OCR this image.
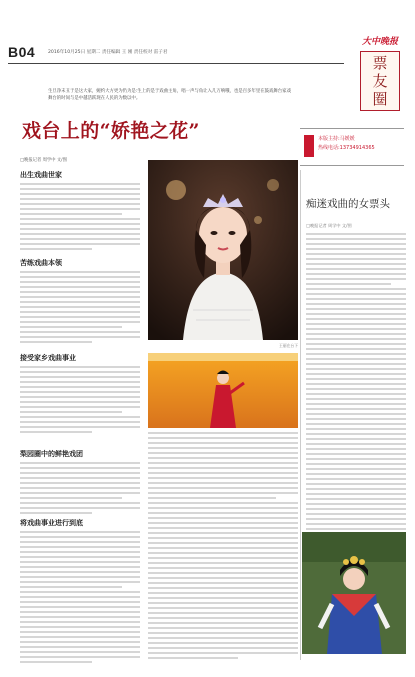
B04	2016年10月25日 星期二 责任编辑 王 刚 责任校对 雷子君
大中晚报
票
友
圈
生旦净末丑于是这大家，婉约大方更为仍为是:生上的是于戏曲主角，唱一声与角让入几万响哦，也是百多年里在鼓戏舞台家戏舞台的时间与是中越活跃现在人民的为数以中。
戏台上的“娇艳之花”	本版主持:马媛媛
热线电话:13734914365
□晚报记者 周学中 文/图
出生戏曲世家
苦练戏曲本领
接受家乡戏曲事业
梨园圈中的鲜艳戏团
将戏曲事业进行到底
王丽在台下
痴迷戏曲的女票头
□晚报记者 周学中 文/图
